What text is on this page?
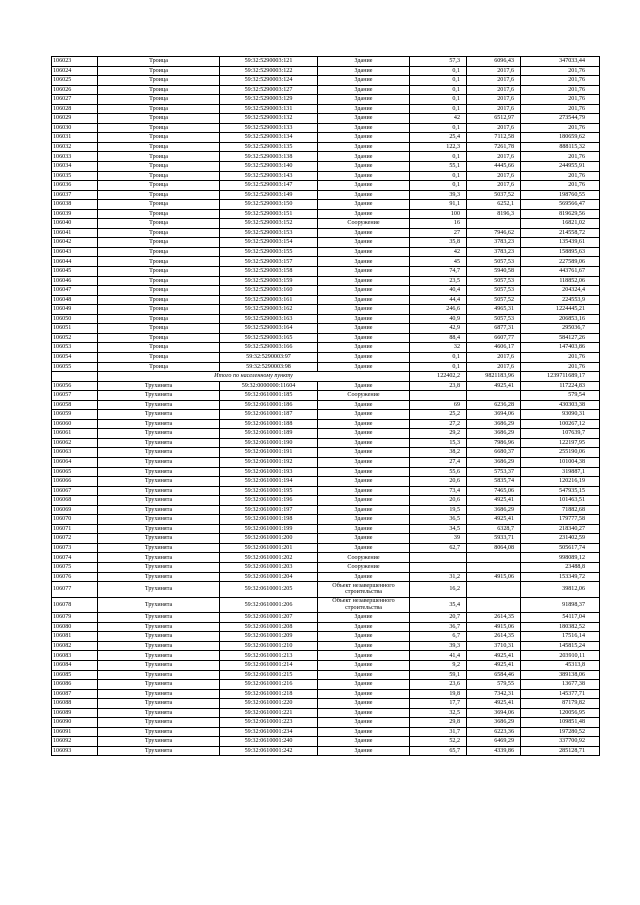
106023	Троица	59:32:5290003:121	Здание	57,3	6096,43	347033,44
106024	Троица	59:32:5290003:122	Здание	0,1	2017,6	201,76
106025	Троица	59:32:5290003:124	Здание	0,1	2017,6	201,76
106026	Троица	59:32:5290003:127	Здание	0,1	2017,6	201,76
106027	Троица	59:32:5290003:129	Здание	0,1	2017,6	201,76
106028	Троица	59:32:5290003:131	Здание	0,1	2017,6	201,76
106029	Троица	59:32:5290003:132	Здание	42	6512,97	273544,79
106030	Троица	59:32:5290003:133	Здание	0,1	2017,6	201,76
106031	Троица	59:32:5290003:134	Здание	25,4	7112,58	180659,62
106032	Троица	59:32:5290003:135	Здание	122,3	7261,78	888115,32
106033	Троица	59:32:5290003:138	Здание	0,1	2017,6	201,76
106034	Троица	59:32:5290003:140	Здание	55,1	4445,66	244955,91
106035	Троица	59:32:5290003:143	Здание	0,1	2017,6	201,76
106036	Троица	59:32:5290003:147	Здание	0,1	2017,6	201,76
106037	Троица	59:32:5290003:149	Здание	39,3	5037,52	198760,55
106038	Троица	59:32:5290003:150	Здание	91,1	6252,1	569566,47
106039	Троица	59:32:5290003:151	Здание	100	8196,3	819629,56
106040	Троица	59:32:5290003:152	Сооружение	16		16821,02
106041	Троица	59:32:5290003:153	Здание	27	7946,62	214558,72
106042	Троица	59:32:5290003:154	Здание	35,8	3783,23	135439,61
106043	Троица	59:32:5290003:155	Здание	42	3783,23	158895,63
106044	Троица	59:32:5290003:157	Здание	45	5057,53	227589,06
106045	Троица	59:32:5290003:158	Здание	74,7	5940,58	443761,67
106046	Троица	59:32:5290003:159	Здание	23,5	5057,53	118852,06
106047	Троица	59:32:5290003:160	Здание	40,4	5057,53	204324,4
106048	Троица	59:32:5290003:161	Здание	44,4	5057,52	224553,9
106049	Троица	59:32:5290003:162	Здание	246,6	4965,31	1224445,21
106050	Троица	59:32:5290003:163	Здание	40,9	5057,53	206853,16
106051	Троица	59:32:5290003:164	Здание	42,9	6877,31	295036,7
106052	Троица	59:32:5290003:165	Здание	88,4	6607,77	584127,26
106053	Троица	59:32:5290003:166	Здание	32	4606,17	147403,86
106054	Троица	59:32:5290003:97	Здание	0,1	2017,6	201,76
106055	Троица	59:32:5290003:98	Здание	0,1	2017,6	201,76
	Итого по населенному пункту			122402,2	9821183,96	1239711689,17
106056	Трухинята	59:32:0000000:11604	Здание	23,8	4925,41	117224,83
106057	Трухинята	59:32:0610001:185	Сооружение			579,54
106058	Трухинята	59:32:0610001:186	Здание	69	6236,28	430303,38
106059	Трухинята	59:32:0610001:187	Здание	25,2	3694,06	93090,31
106060	Трухинята	59:32:0610001:188	Здание	27,2	3686,29	100267,12
106061	Трухинята	59:32:0610001:189	Здание	29,2	3686,29	107639,7
106062	Трухинята	59:32:0610001:190	Здание	15,3	7986,96	122197,95
106063	Трухинята	59:32:0610001:191	Здание	38,2	6680,37	255190,06
106064	Трухинята	59:32:0610001:192	Здание	27,4	3686,29	101004,38
106065	Трухинята	59:32:0610001:193	Здание	55,6	5753,37	319887,1
106066	Трухинята	59:32:0610001:194	Здание	20,6	5835,74	120216,19
106067	Трухинята	59:32:0610001:195	Здание	73,4	7465,06	547935,15
106068	Трухинята	59:32:0610001:196	Здание	20,6	4925,41	101463,51
106069	Трухинята	59:32:0610001:197	Здание	19,5	3686,29	71882,68
106070	Трухинята	59:32:0610001:198	Здание	36,5	4925,41	179777,58
106071	Трухинята	59:32:0610001:199	Здание	34,5	6328,7	218340,27
106072	Трухинята	59:32:0610001:200	Здание	39	5933,71	231402,59
106073	Трухинята	59:32:0610001:201	Здание	62,7	8064,08	505617,74
106074	Трухинята	59:32:0610001:202	Сооружение			998089,12
106075	Трухинята	59:32:0610001:203	Сооружение			23488,8
106076	Трухинята	59:32:0610001:204	Здание	31,2	4915,06	153349,72
106077	Трухинята	59:32:0610001:205	Объект незавершенного строительства	16,2		39812,06
106078	Трухинята	59:32:0610001:206	Объект незавершенного строительства	35,4		91898,37
106079	Трухинята	59:32:0610001:207	Здание	20,7	2614,35	54117,04
106080	Трухинята	59:32:0610001:208	Здание	36,7	4915,06	180382,52
106081	Трухинята	59:32:0610001:209	Здание	6,7	2614,35	17516,14
106082	Трухинята	59:32:0610001:210	Здание	39,3	3710,31	145815,24
106083	Трухинята	59:32:0610001:213	Здание	41,4	4925,41	203910,11
106084	Трухинята	59:32:0610001:214	Здание	9,2	4925,41	45313,8
106085	Трухинята	59:32:0610001:215	Здание	59,1	6584,46	389138,06
106086	Трухинята	59:32:0610001:216	Здание	23,6	579,55	13677,38
106087	Трухинята	59:32:0610001:218	Здание	19,8	7342,31	145377,71
106088	Трухинята	59:32:0610001:220	Здание	17,7	4925,41	87179,82
106089	Трухинята	59:32:0610001:221	Здание	32,5	3694,06	120056,95
106090	Трухинята	59:32:0610001:223	Здание	29,8	3686,29	109851,48
106091	Трухинята	59:32:0610001:234	Здание	31,7	6223,36	197280,52
106092	Трухинята	59:32:0610001:240	Здание	52,2	6469,29	337700,92
106093	Трухинята	59:32:0610001:242	Здание	65,7	4339,86	285128,71
